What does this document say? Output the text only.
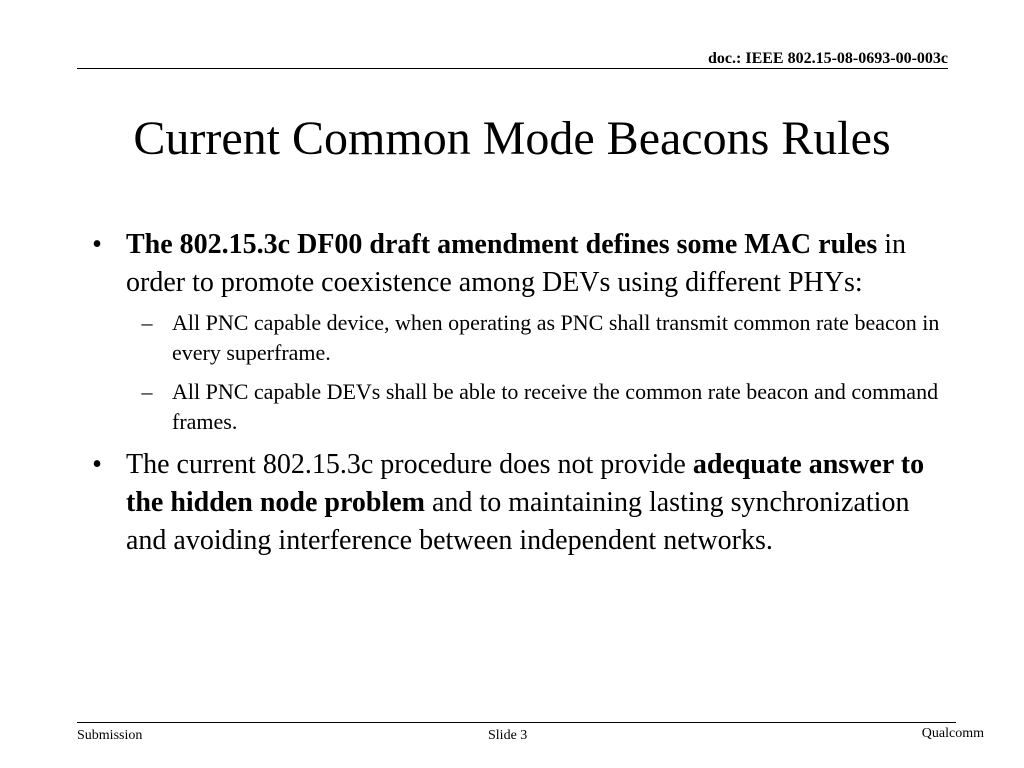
doc.: IEEE 802.15-08-0693-00-003c
Current Common Mode Beacons Rules
• The 802.15.3c DF00 draft amendment defines some MAC rules in order to promote coexistence among DEVs using different PHYs:
– All PNC capable device, when operating as PNC shall transmit common rate beacon in every superframe.
– All PNC capable DEVs shall be able to receive the common rate beacon and command frames.
• The current 802.15.3c procedure does not provide adequate answer to the hidden node problem and to maintaining lasting synchronization and avoiding interference between independent networks.
Submission	Slide 3	Qualcomm
